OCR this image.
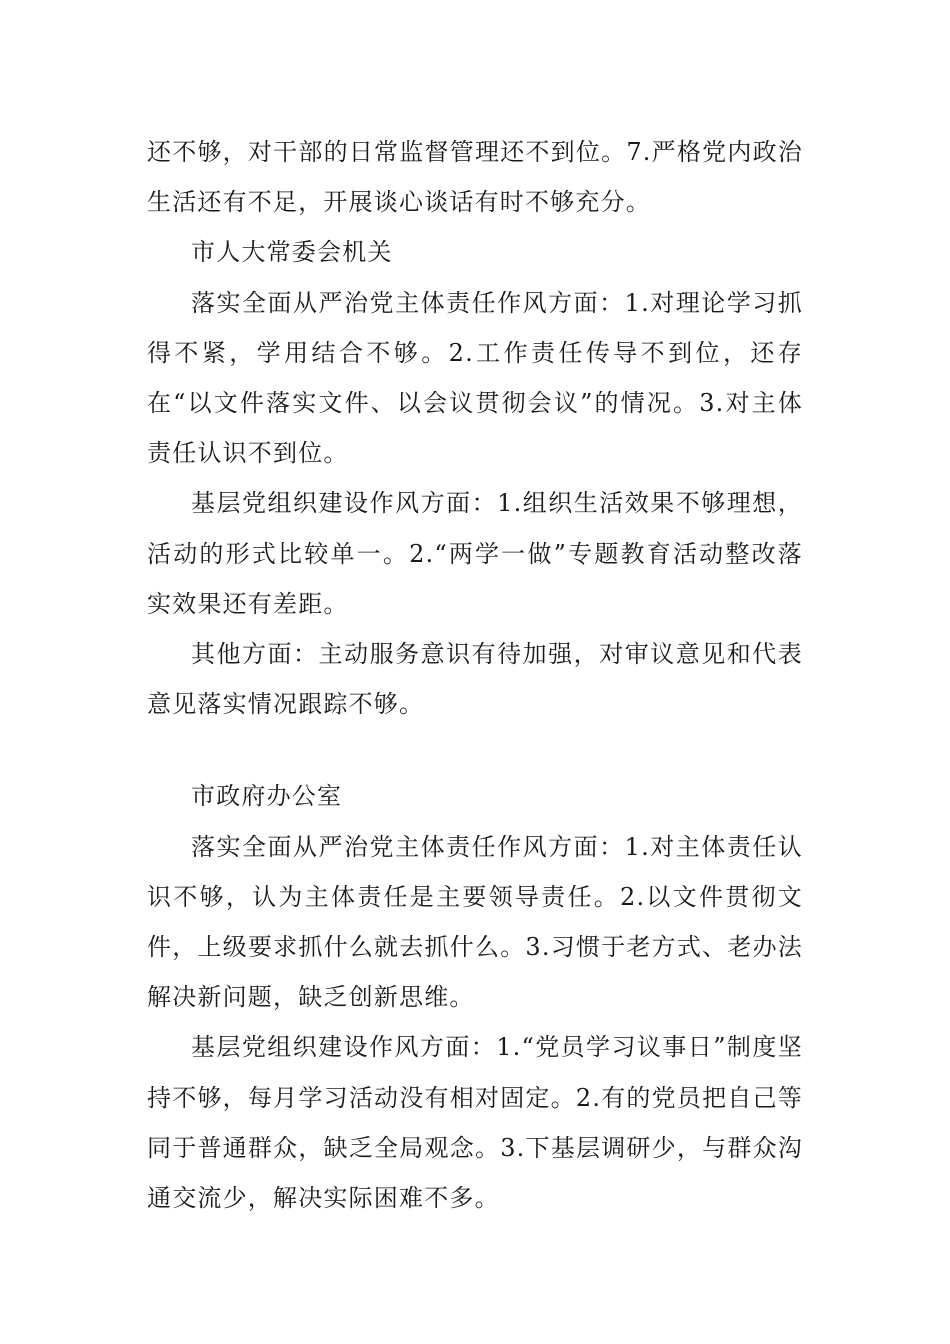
还不够，对干部的日常监督管理还不到位。7.严格党内政治生活还有不足，开展谈心谈话有时不够充分。

市人大常委会机关

落实全面从严治党主体责任作风方面：1.对理论学习抓得不紧，学用结合不够。2.工作责任传导不到位，还存在“以文件落实文件、以会议贯彻会议”的情况。3.对主体责任认识不到位。

基层党组织建设作风方面：1.组织生活效果不够理想，活动的形式比较单一。2.“两学一做”专题教育活动整改落实效果还有差距。

其他方面：主动服务意识有待加强，对审议意见和代表意见落实情况跟踪不够。

市政府办公室

落实全面从严治党主体责任作风方面：1.对主体责任认识不够，认为主体责任是主要领导责任。2.以文件贯彻文件，上级要求抓什么就去抓什么。3.习惯于老方式、老办法解决新问题，缺乏创新思维。

基层党组织建设作风方面：1.“党员学习议事日”制度坚持不够，每月学习活动没有相对固定。2.有的党员把自己等同于普通群众，缺乏全局观念。3.下基层调研少，与群众沟通交流少，解决实际困难不多。
